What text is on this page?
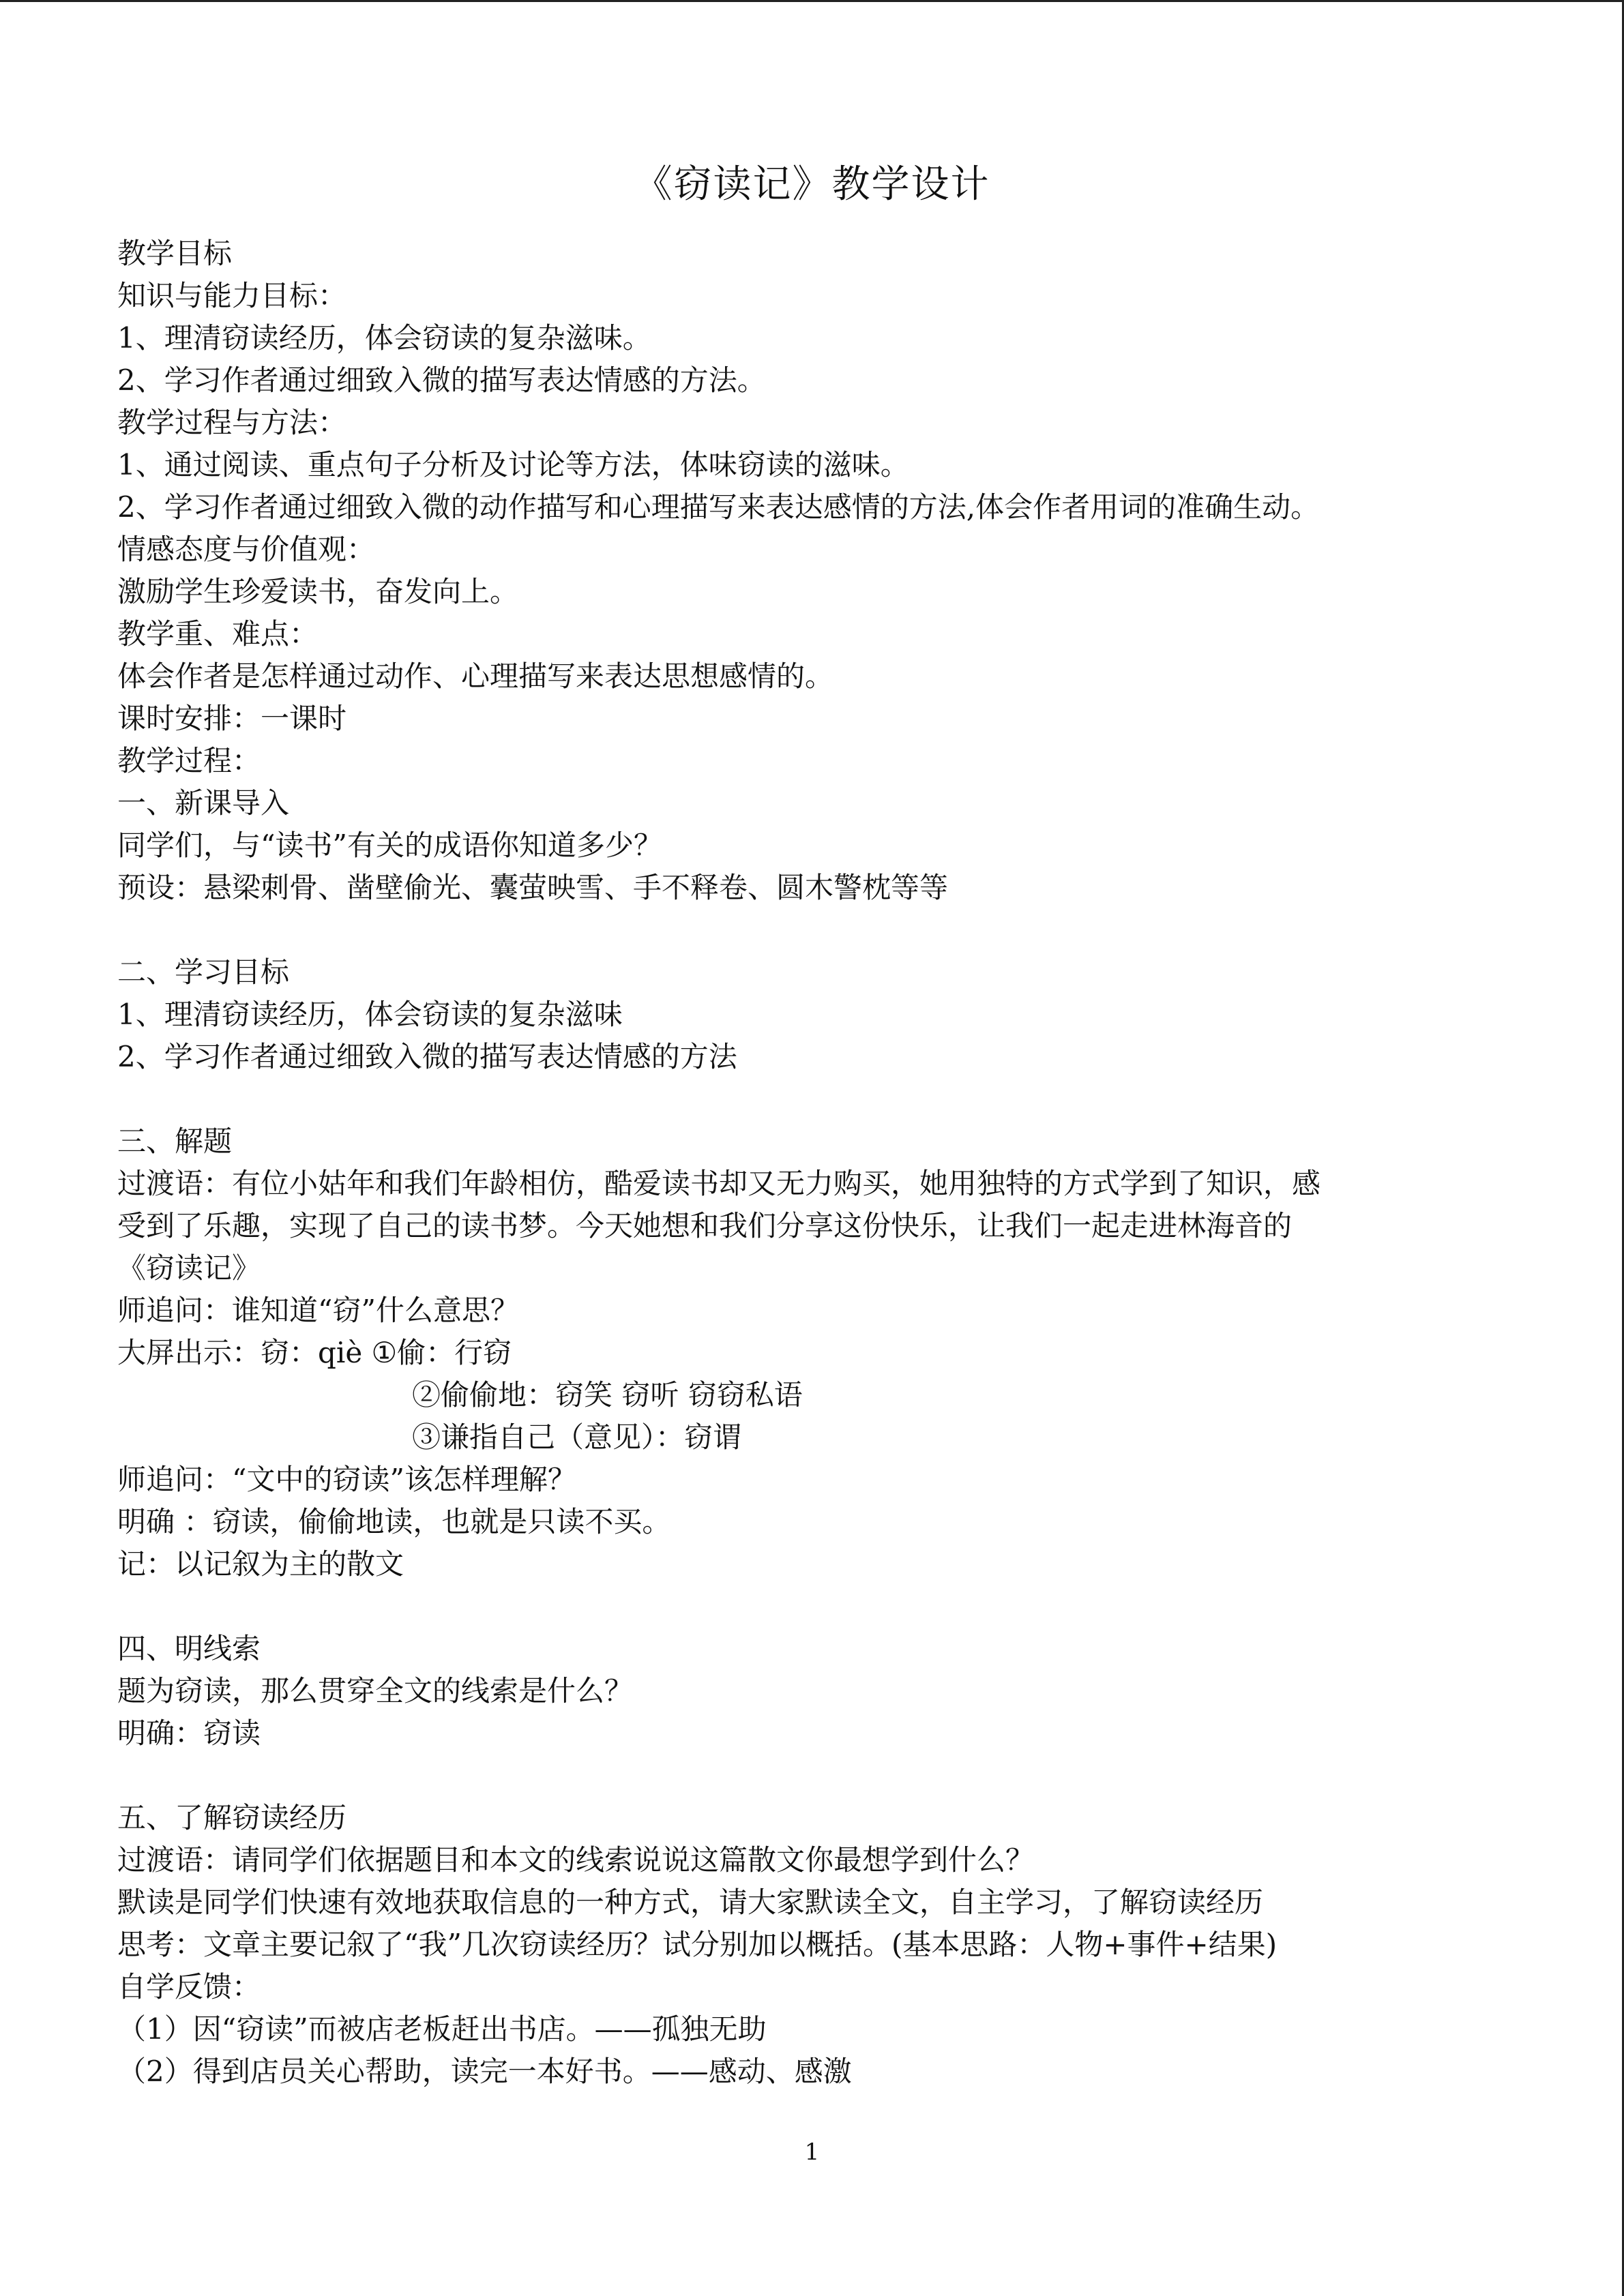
《窃读记》教学设计
教学目标
知识与能力目标：
1、理清窃读经历，体会窃读的复杂滋味。
2、学习作者通过细致入微的描写表达情感的方法。
教学过程与方法：
1、通过阅读、重点句子分析及讨论等方法，体味窃读的滋味。
2、学习作者通过细致入微的动作描写和心理描写来表达感情的方法,体会作者用词的准确生动。
情感态度与价值观：
激励学生珍爱读书，奋发向上。
教学重、难点：
体会作者是怎样通过动作、心理描写来表达思想感情的。
课时安排：一课时
教学过程：
一、新课导入
同学们，与“读书”有关的成语你知道多少？
预设：悬梁刺骨、凿壁偷光、囊萤映雪、手不释卷、圆木警枕等等
二、学习目标
1、理清窃读经历，体会窃读的复杂滋味
2、学习作者通过细致入微的描写表达情感的方法
三、解题
过渡语：有位小姑年和我们年龄相仿，酷爱读书却又无力购买，她用独特的方式学到了知识，感
受到了乐趣，实现了自己的读书梦。今天她想和我们分享这份快乐，让我们一起走进林海音的
《窃读记》
师追问：谁知道“窃”什么意思？
大屏出示：窃：qiè ①偷：行窃
②偷偷地：窃笑 窃听 窃窃私语
③谦指自己（意见）：窃谓
师追问：“文中的窃读”该怎样理解？
明确 ：窃读，偷偷地读，也就是只读不买。
记：以记叙为主的散文
四、明线索
题为窃读，那么贯穿全文的线索是什么？
明确：窃读
五、了解窃读经历
过渡语：请同学们依据题目和本文的线索说说这篇散文你最想学到什么？
默读是同学们快速有效地获取信息的一种方式，请大家默读全文，自主学习，了解窃读经历
思考：文章主要记叙了“我”几次窃读经历？试分别加以概括。(基本思路：人物+事件+结果)
自学反馈：
（1）因“窃读”而被店老板赶出书店。——孤独无助
（2）得到店员关心帮助，读完一本好书。——感动、感激
1
